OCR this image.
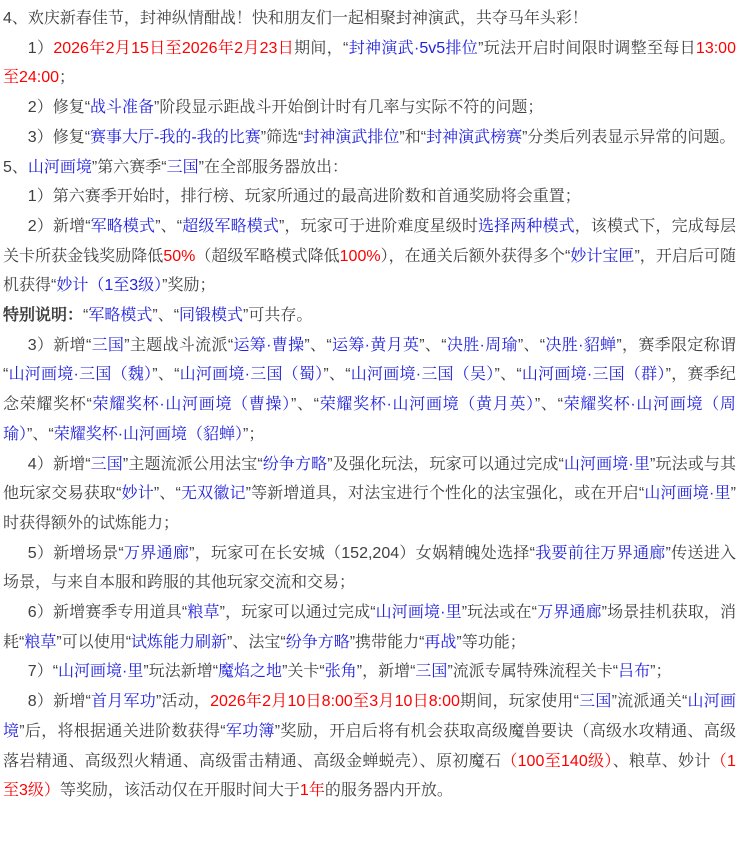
4、欢庆新春佳节，封神纵情酣战！快和朋友们一起相聚封神演武，共夺马年头彩！

1）2026年2月15日至2026年2月23日期间，“封神演武·5v5排位”玩法开启时间限时调整至每日13:00至24:00；

2）修复“战斗准备”阶段显示距战斗开始倒计时有几率与实际不符的问题；

3）修复“赛事大厅-我的-我的比赛”筛选“封神演武排位”和“封神演武榜赛”分类后列表显示异常的问题。

5、山河画境”第六赛季“三国”在全部服务器放出：

1）第六赛季开始时，排行榜、玩家所通过的最高进阶数和首通奖励将会重置；

2）新增“军略模式”、“超级军略模式”，玩家可于进阶难度星级时选择两种模式，该模式下，完成每层关卡所获金钱奖励降低50%（超级军略模式降低100%），在通关后额外获得多个“妙计宝匣”，开启后可随机获得“妙计（1至3级）”奖励；

特别说明：“军略模式”、“同锻模式”可共存。

3）新增“三国”主题战斗流派“运筹·曹操”、“运筹·黄月英”、“决胜·周瑜”、“决胜·貂蝉”，赛季限定称谓“山河画境·三国（魏）”、“山河画境·三国（蜀）”、“山河画境·三国（吴）”、“山河画境·三国（群）”，赛季纪念荣耀奖杯“荣耀奖杯·山河画境（曹操）”、“荣耀奖杯·山河画境（黄月英）”、“荣耀奖杯·山河画境（周瑜）”、“荣耀奖杯·山河画境（貂蝉）”；

4）新增“三国”主题流派公用法宝“纷争方略”及强化玩法，玩家可以通过完成“山河画境·里”玩法或与其他玩家交易获取“妙计”、“无双徽记”等新增道具，对法宝进行个性化的法宝强化，或在开启“山河画境·里”时获得额外的试炼能力；

5）新增场景“万界通廊”，玩家可在长安城（152,204）女娲精魄处选择“我要前往万界通廊”传送进入场景，与来自本服和跨服的其他玩家交流和交易；

6）新增赛季专用道具“粮草”，玩家可以通过完成“山河画境·里”玩法或在“万界通廊”场景挂机获取，消耗“粮草”可以使用“试炼能力刷新”、法宝“纷争方略”携带能力“再战”等功能；

7）“山河画境·里”玩法新增“魔焰之地”关卡“张角”，新增“三国”流派专属特殊流程关卡“吕布”；

8）新增“首月军功”活动，2026年2月10日8:00至3月10日8:00期间，玩家使用“三国”流派通关“山河画境”后，将根据通关进阶数获得“军功簿”奖励，开启后将有机会获取高级魔兽要诀（高级水攻精通、高级落岩精通、高级烈火精通、高级雷击精通、高级金蝉蜕壳）、原初魔石（100至140级）、粮草、妙计（1至3级）等奖励，该活动仅在开服时间大于1年的服务器内开放。
